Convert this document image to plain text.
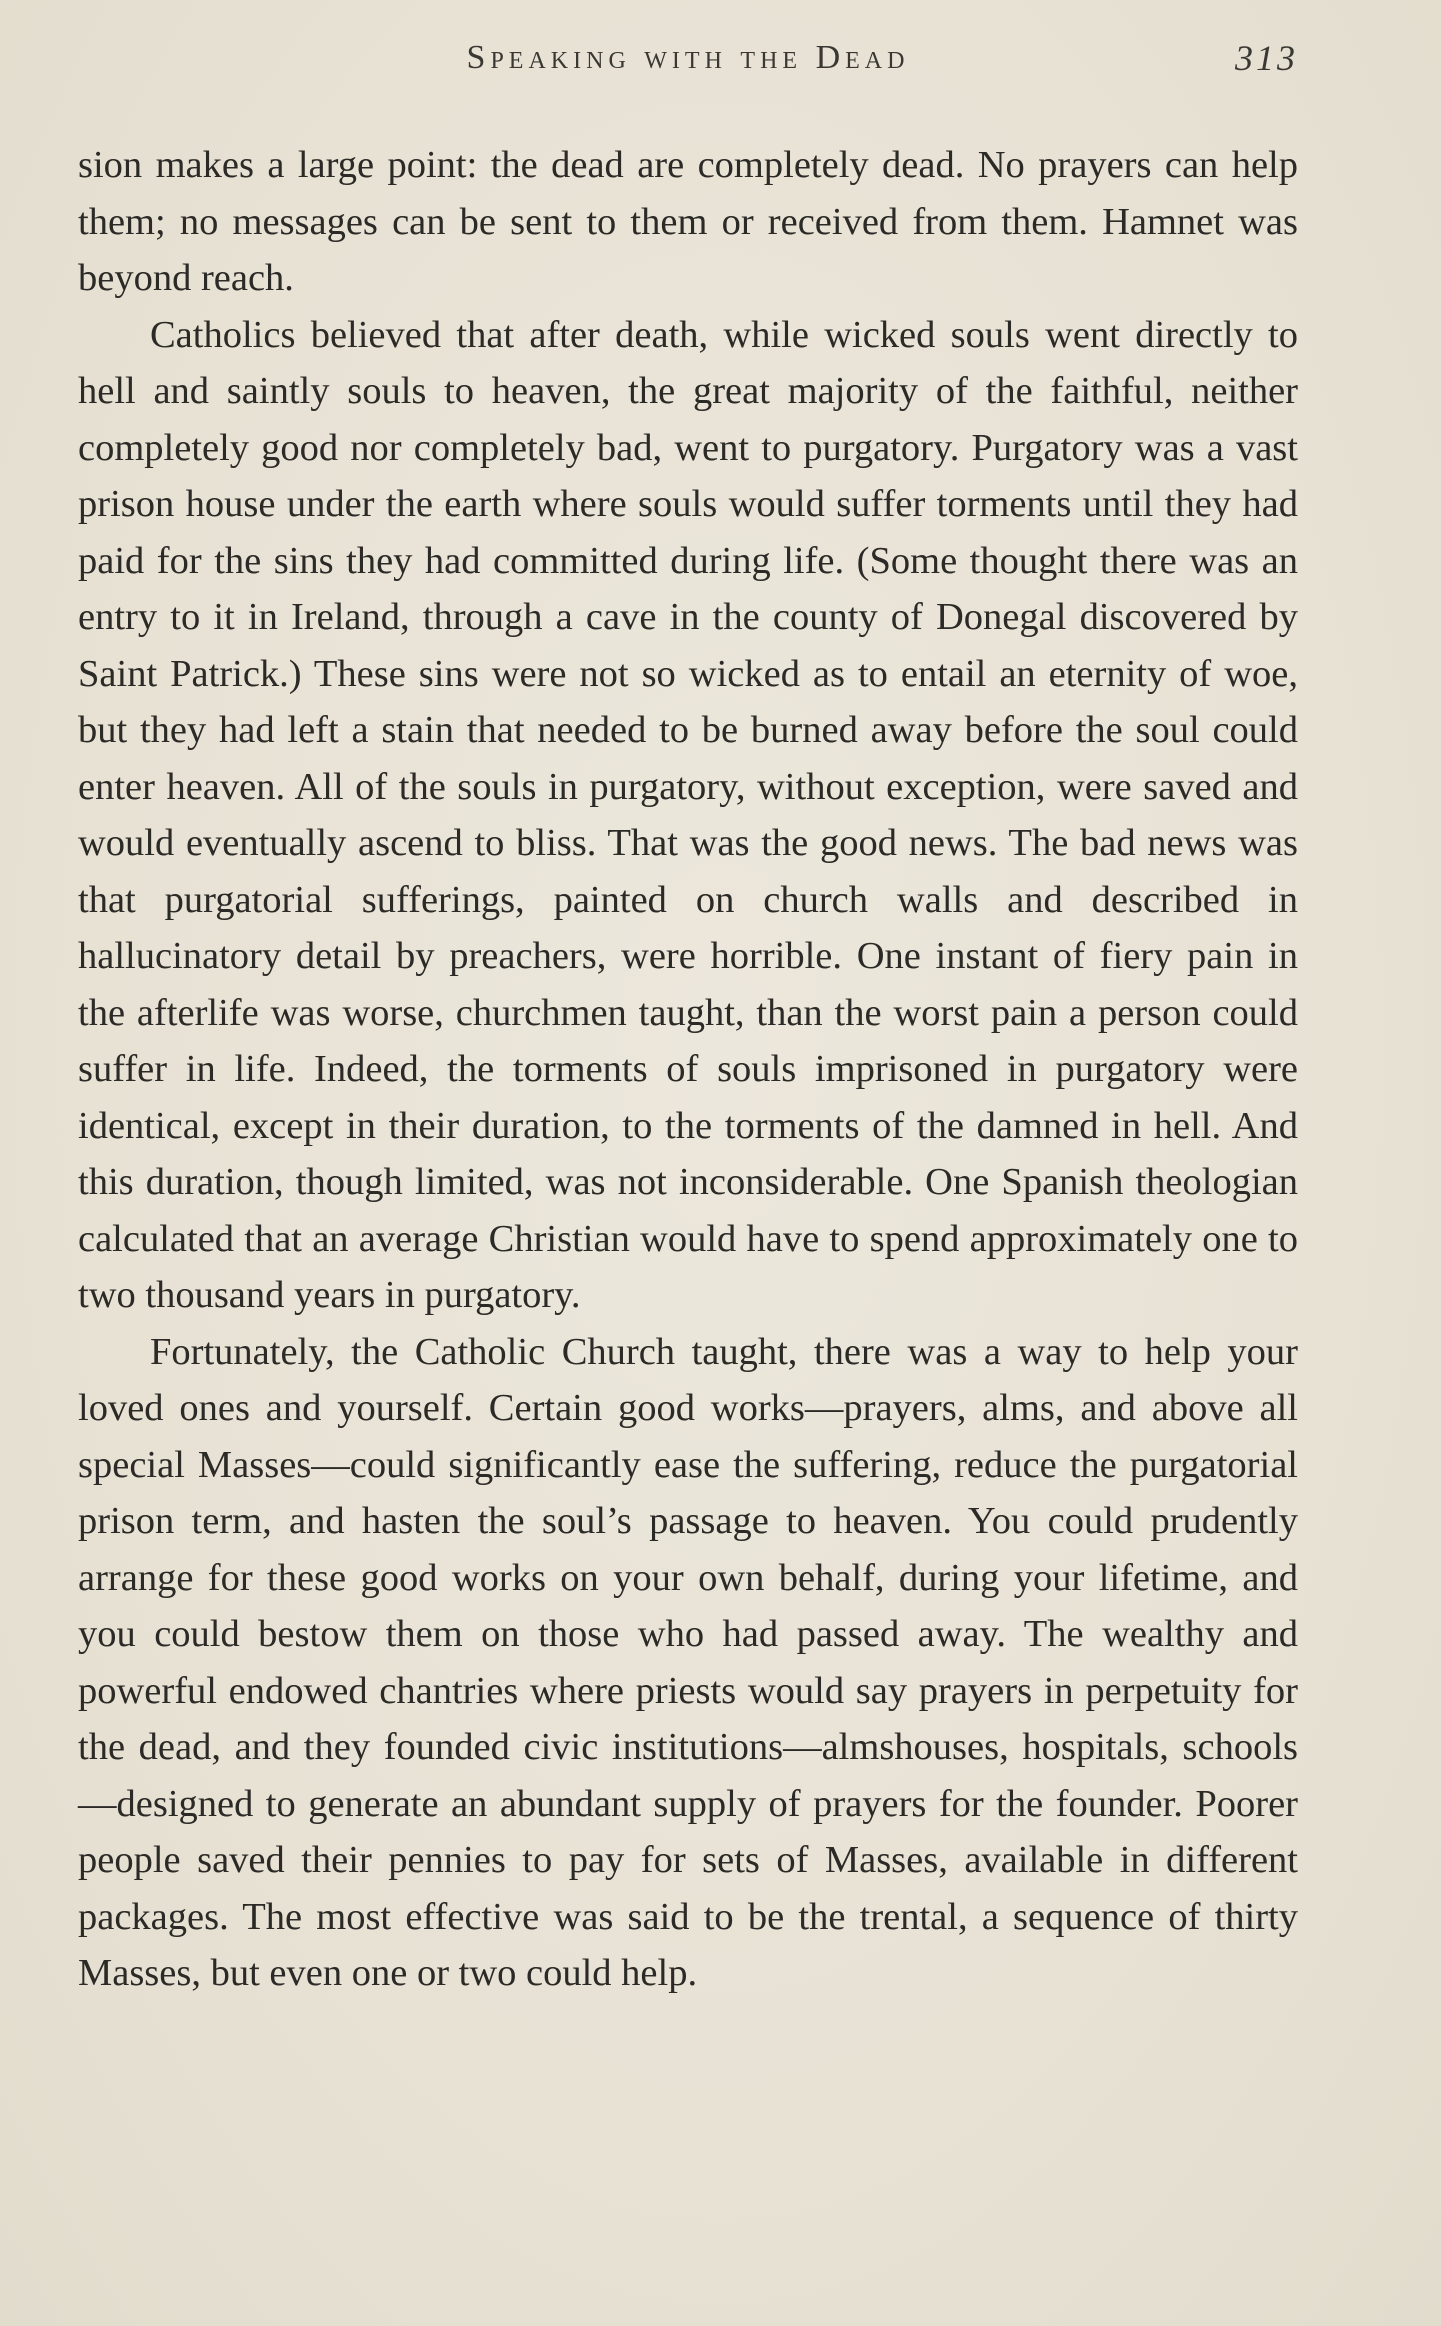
Speaking with the Dead	313

sion makes a large point: the dead are completely dead. No prayers can help them; no messages can be sent to them or received from them. Hamnet was beyond reach.

Catholics believed that after death, while wicked souls went directly to hell and saintly souls to heaven, the great majority of the faithful, neither completely good nor completely bad, went to purgatory. Purgatory was a vast prison house under the earth where souls would suffer torments until they had paid for the sins they had committed during life. (Some thought there was an entry to it in Ireland, through a cave in the county of Donegal discovered by Saint Patrick.) These sins were not so wicked as to entail an eternity of woe, but they had left a stain that needed to be burned away before the soul could enter heaven. All of the souls in purgatory, without exception, were saved and would eventually ascend to bliss. That was the good news. The bad news was that purgatorial sufferings, painted on church walls and described in hallucinatory detail by preachers, were horrible. One instant of fiery pain in the afterlife was worse, churchmen taught, than the worst pain a person could suffer in life. Indeed, the torments of souls imprisoned in purgatory were identical, except in their duration, to the torments of the damned in hell. And this duration, though limited, was not inconsiderable. One Spanish theologian calculated that an average Christian would have to spend approximately one to two thousand years in purgatory.

Fortunately, the Catholic Church taught, there was a way to help your loved ones and yourself. Certain good works—prayers, alms, and above all special Masses—could significantly ease the suffering, reduce the purgatorial prison term, and hasten the soul’s passage to heaven. You could prudently arrange for these good works on your own behalf, during your lifetime, and you could bestow them on those who had passed away. The wealthy and powerful endowed chantries where priests would say prayers in perpetuity for the dead, and they founded civic institutions—almshouses, hospitals, schools—designed to generate an abundant supply of prayers for the founder. Poorer people saved their pennies to pay for sets of Masses, available in different packages. The most effective was said to be the trental, a sequence of thirty Masses, but even one or two could help.
